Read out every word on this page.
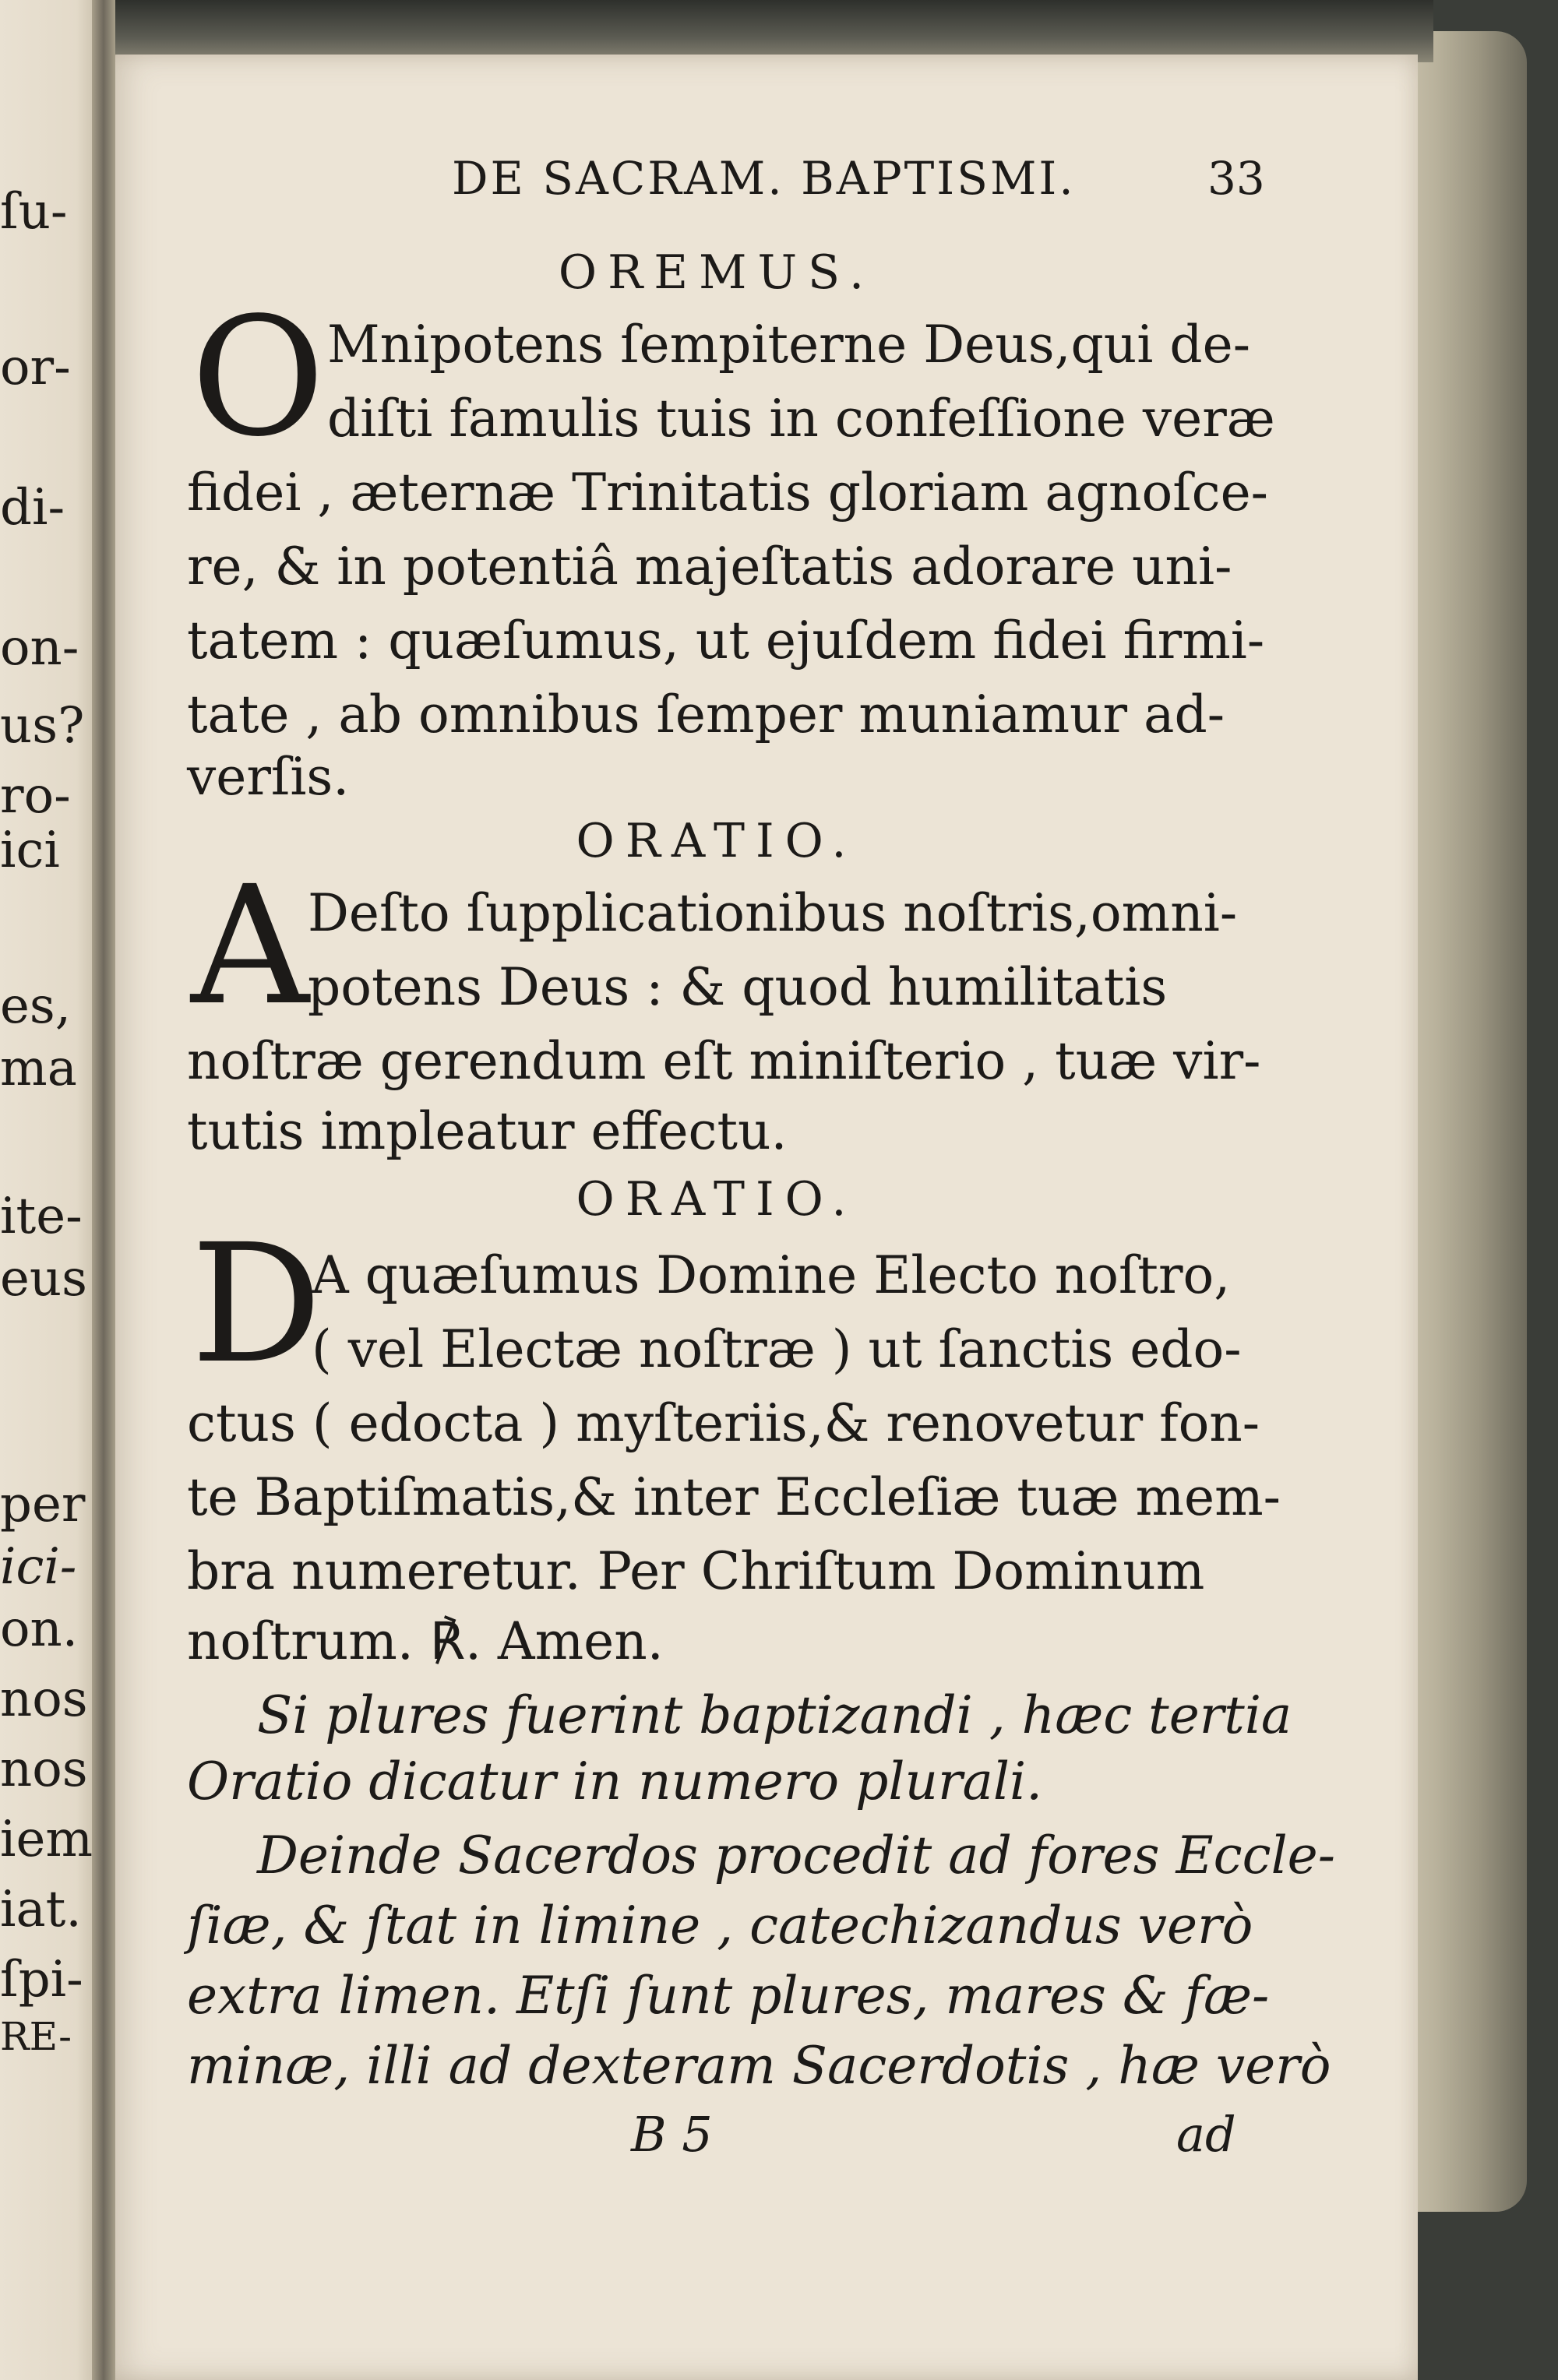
ſu-
or-
di-
on-
us?
ro-
ici
es,
ma
ite-
eus
per
ici-
on.
nos
nos
iem
iat.
ſpi-
RE-
DE SACRAM. BAPTISMI.	33
OREMUS.
O Mnipotens ſempiterne Deus,qui de-
diſti famulis tuis in confeſſione veræ
fidei , æternæ Trinitatis gloriam agnoſce-
re, & in potentiâ majeſtatis adorare uni-
tatem : quæſumus, ut ejuſdem fidei firmi-
tate , ab omnibus ſemper muniamur ad-
verſis.
ORATIO.
A
Deſto ſupplicationibus noſtris,omni-
potens Deus : & quod humilitatis
noſtræ gerendum eſt miniſterio , tuæ vir-
tutis impleatur effectu.
ORATIO.
D
A quæſumus Domine Electo noſtro,
( vel Electæ noſtræ ) ut ſanctis edo-
ctus ( edocta ) myſteriis,& renovetur fon-
te Baptiſmatis,& inter Eccleſiæ tuæ mem-
bra numeretur. Per Chriſtum Dominum
noſtrum. ℟. Amen.
Si plures fuerint baptizandi , hæc tertia
Oratio dicatur in numero plurali.
Deinde Sacerdos procedit ad fores Eccle-
ſiæ, & ſtat in limine , catechizandus verò
extra limen. Etſi ſunt plures, mares & fæ-
minæ, illi ad dexteram Sacerdotis , hæ verò
B 5	ad
